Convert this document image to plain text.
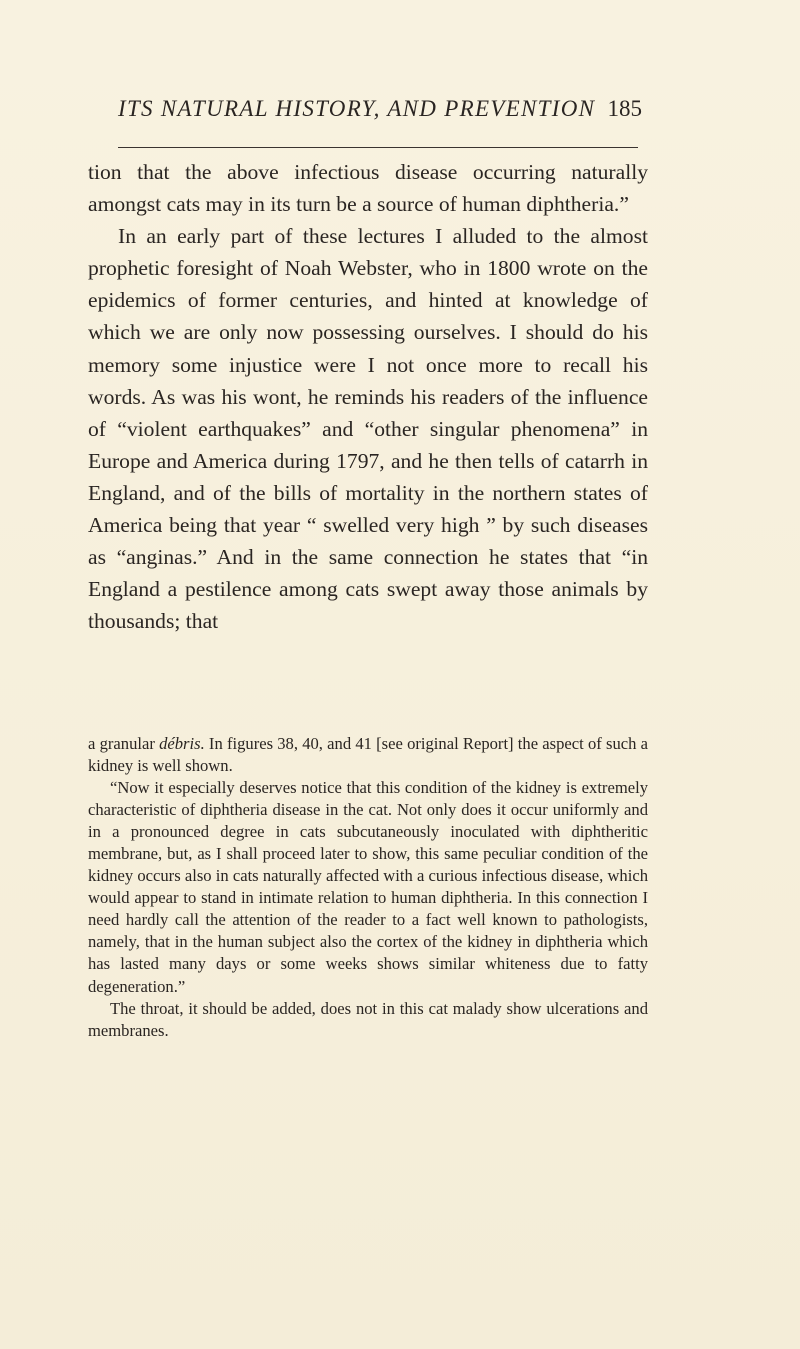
ITS NATURAL HISTORY, AND PREVENTION 185

tion that the above infectious disease occurring naturally amongst cats may in its turn be a source of human diphtheria.”

In an early part of these lectures I alluded to the almost prophetic foresight of Noah Webster, who in 1800 wrote on the epidemics of former centuries, and hinted at knowledge of which we are only now possessing ourselves. I should do his memory some injustice were I not once more to recall his words. As was his wont, he reminds his readers of the influence of “violent earthquakes” and “other singular phenomena” in Europe and America during 1797, and he then tells of catarrh in England, and of the bills of mortality in the northern states of America being that year “ swelled very high ” by such diseases as “anginas.” And in the same connection he states that “in England a pestilence among cats swept away those animals by thousands; that

a granular débris. In figures 38, 40, and 41 [see original Report] the aspect of such a kidney is well shown.

“Now it especially deserves notice that this condition of the kidney is extremely characteristic of diphtheria disease in the cat. Not only does it occur uniformly and in a pronounced degree in cats subcutaneously inoculated with diphtheritic membrane, but, as I shall proceed later to show, this same peculiar condition of the kidney occurs also in cats naturally affected with a curious infectious disease, which would appear to stand in intimate relation to human diphtheria. In this connection I need hardly call the attention of the reader to a fact well known to pathologists, namely, that in the human subject also the cortex of the kidney in diphtheria which has lasted many days or some weeks shows similar whiteness due to fatty degeneration.”

The throat, it should be added, does not in this cat malady show ulcerations and membranes.
